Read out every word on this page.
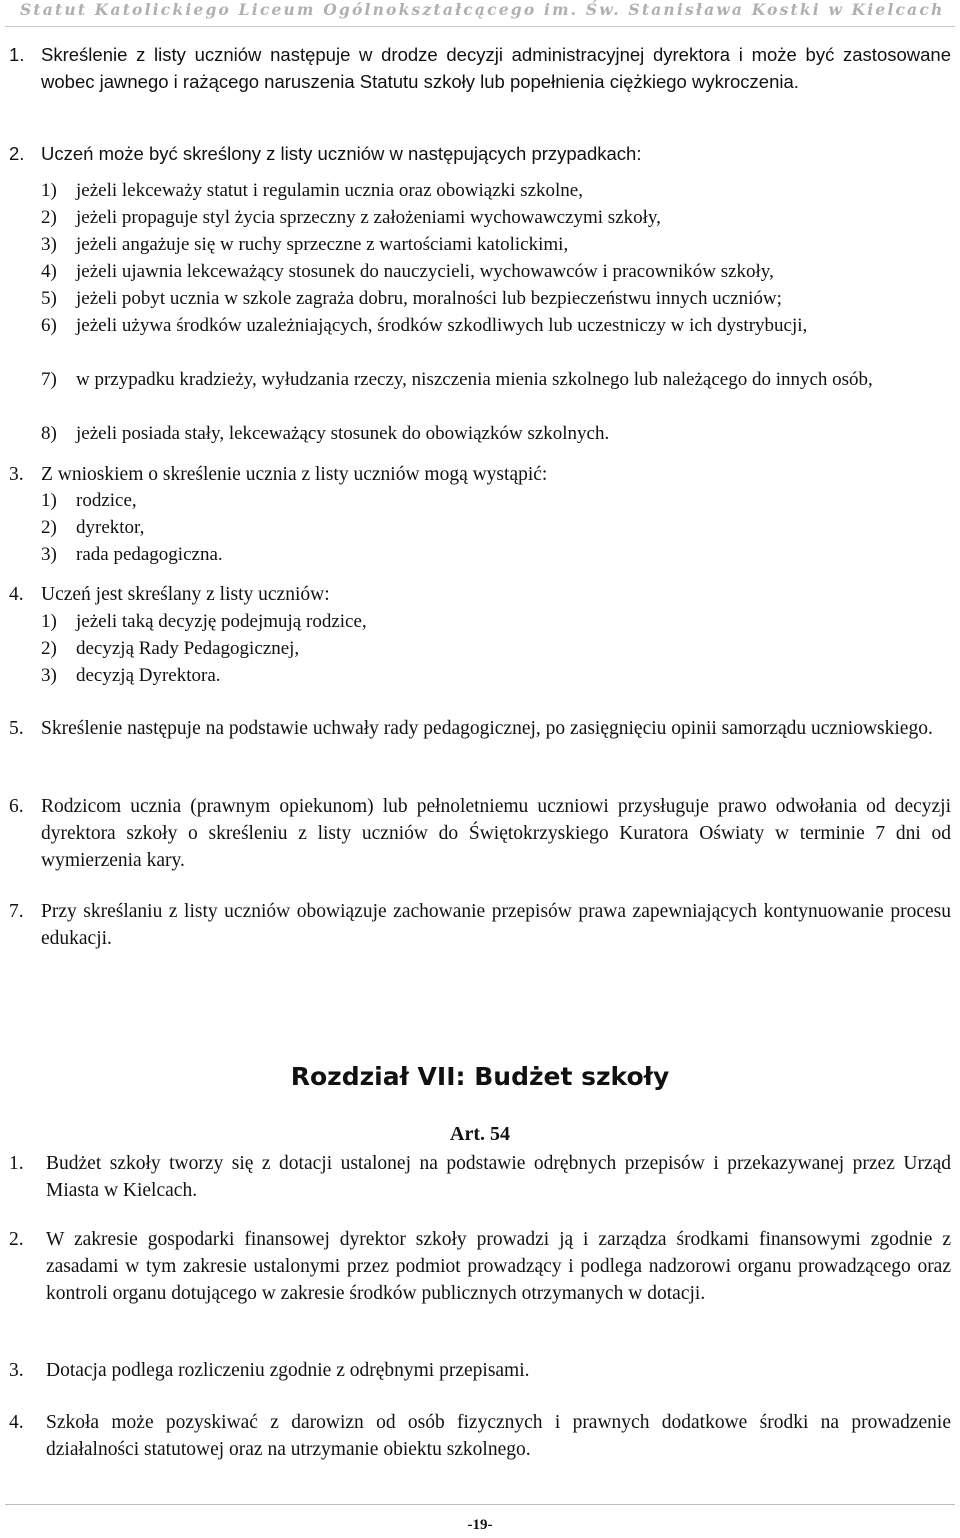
Statut Katolickiego Liceum Ogólnokształcącego im. Św. Stanisława Kostki w Kielcach
1. Skreślenie z listy uczniów następuje w drodze decyzji administracyjnej dyrektora i może być zastosowane wobec jawnego i rażącego naruszenia Statutu szkoły lub popełnienia ciężkiego wykroczenia.
2. Uczeń może być skreślony z listy uczniów w następujących przypadkach:
1) jeżeli lekceważy statut i regulamin ucznia oraz obowiązki szkolne,
2) jeżeli propaguje styl życia sprzeczny z założeniami wychowawczymi szkoły,
3) jeżeli angażuje się w ruchy sprzeczne z wartościami katolickimi,
4) jeżeli ujawnia lekceważący stosunek do nauczycieli, wychowawców i pracowników szkoły,
5) jeżeli pobyt ucznia w szkole zagraża dobru, moralności lub bezpieczeństwu innych uczniów;
6) jeżeli używa środków uzależniających, środków szkodliwych lub uczestniczy w ich dystrybucji,
7) w przypadku kradzieży, wyłudzania rzeczy, niszczenia mienia szkolnego lub należącego do innych osób,
8) jeżeli posiada stały, lekceważący stosunek do obowiązków szkolnych.
3. Z wnioskiem o skreślenie ucznia z listy uczniów mogą wystąpić:
1) rodzice,
2) dyrektor,
3) rada pedagogiczna.
4. Uczeń jest skreślany z listy uczniów:
1) jeżeli taką decyzję podejmują rodzice,
2) decyzją Rady Pedagogicznej,
3) decyzją Dyrektora.
5. Skreślenie następuje na podstawie uchwały rady pedagogicznej, po zasięgnięciu opinii samorządu uczniowskiego.
6. Rodzicom ucznia (prawnym opiekunom) lub pełnoletniemu uczniowi przysługuje prawo odwołania od decyzji dyrektora szkoły o skreśleniu z listy uczniów do Świętokrzyskiego Kuratora Oświaty w terminie 7 dni od wymierzenia kary.
7. Przy skreślaniu z listy uczniów obowiązuje zachowanie przepisów prawa zapewniających kontynuowanie procesu edukacji.
Rozdział VII: Budżet szkoły
Art. 54
1. Budżet szkoły tworzy się z dotacji ustalonej na podstawie odrębnych przepisów i przekazywanej przez Urząd Miasta w Kielcach.
2. W zakresie gospodarki finansowej dyrektor szkoły prowadzi ją i zarządza środkami finansowymi zgodnie z zasadami w tym zakresie ustalonymi przez podmiot prowadzący i podlega nadzorowi organu prowadzącego oraz kontroli organu dotującego w zakresie środków publicznych otrzymanych w dotacji.
3. Dotacja podlega rozliczeniu zgodnie z odrębnymi przepisami.
4. Szkoła może pozyskiwać z darowizn od osób fizycznych i prawnych dodatkowe środki na prowadzenie działalności statutowej oraz na utrzymanie obiektu szkolnego.
-19-
